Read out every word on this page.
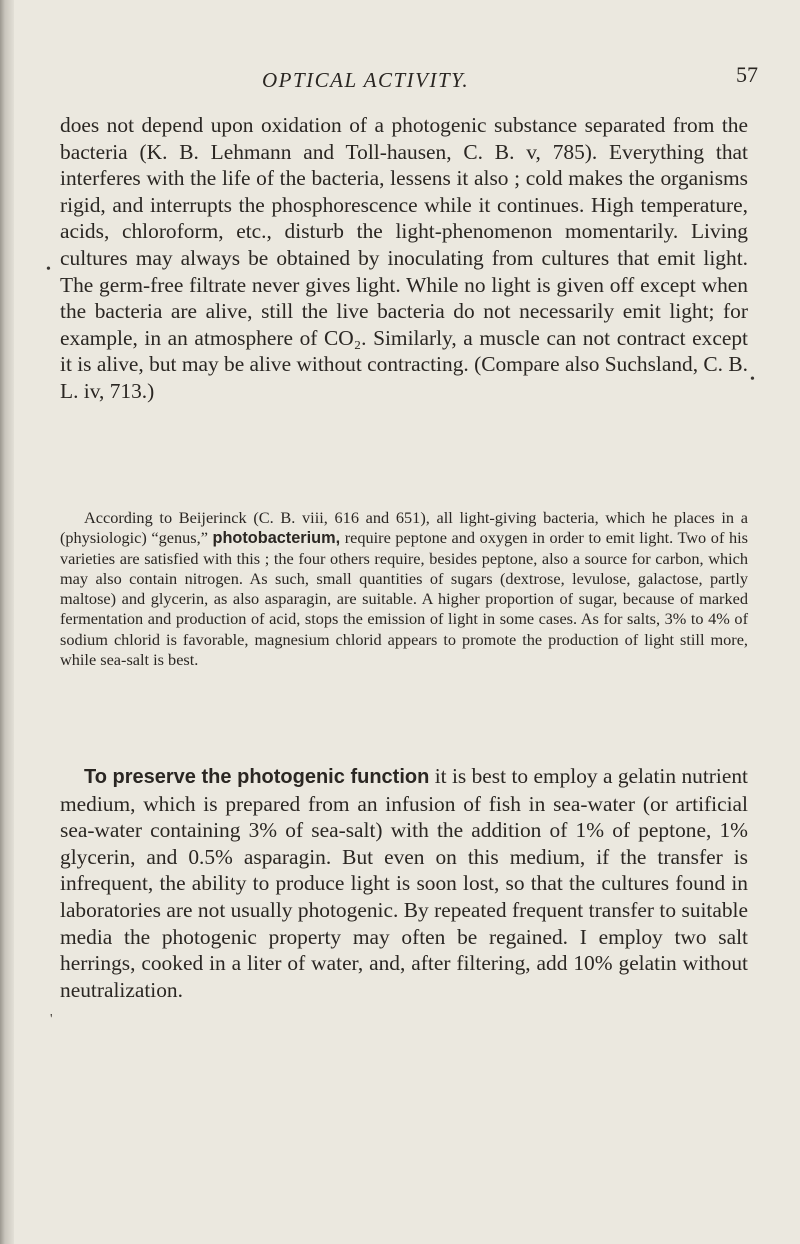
OPTICAL ACTIVITY.	57

does not depend upon oxidation of a photogenic substance separated from the bacteria (K. B. Lehmann and Toll-hausen, C. B. v, 785). Everything that interferes with the life of the bacteria, lessens it also ; cold makes the organisms rigid, and interrupts the phosphorescence while it continues. High temperature, acids, chloroform, etc., disturb the light-phenomenon momentarily. Living cultures may always be obtained by inoculating from cultures that emit light. The germ-free filtrate never gives light. While no light is given off except when the bacteria are alive, still the live bacteria do not necessarily emit light; for example, in an atmosphere of CO₂. Similarly, a muscle can not contract except it is alive, but may be alive without contracting. (Compare also Suchsland, C. B. L. iv, 713.)

According to Beijerinck (C. B. viii, 616 and 651), all light-giving bacteria, which he places in a (physiologic) “genus,” photobacterium, require peptone and oxygen in order to emit light. Two of his varieties are satisfied with this ; the four others require, besides peptone, also a source for carbon, which may also contain nitrogen. As such, small quantities of sugars (dextrose, levulose, galactose, partly maltose) and glycerin, as also asparagin, are suitable. A higher proportion of sugar, because of marked fermentation and production of acid, stops the emission of light in some cases. As for salts, 3% to 4% of sodium chlorid is favorable, magnesium chlorid appears to promote the production of light still more, while sea-salt is best.

To preserve the photogenic function it is best to employ a gelatin nutrient medium, which is prepared from an infusion of fish in sea-water (or artificial sea-water containing 3% of sea-salt) with the addition of 1% of peptone, 1% glycerin, and 0.5% asparagin. But even on this medium, if the transfer is infrequent, the ability to produce light is soon lost, so that the cultures found in laboratories are not usually photogenic. By repeated frequent transfer to suitable media the photogenic property may often be regained. I employ two salt herrings, cooked in a liter of water, and, after filtering, add 10% gelatin without neutralization.

•
•
'
